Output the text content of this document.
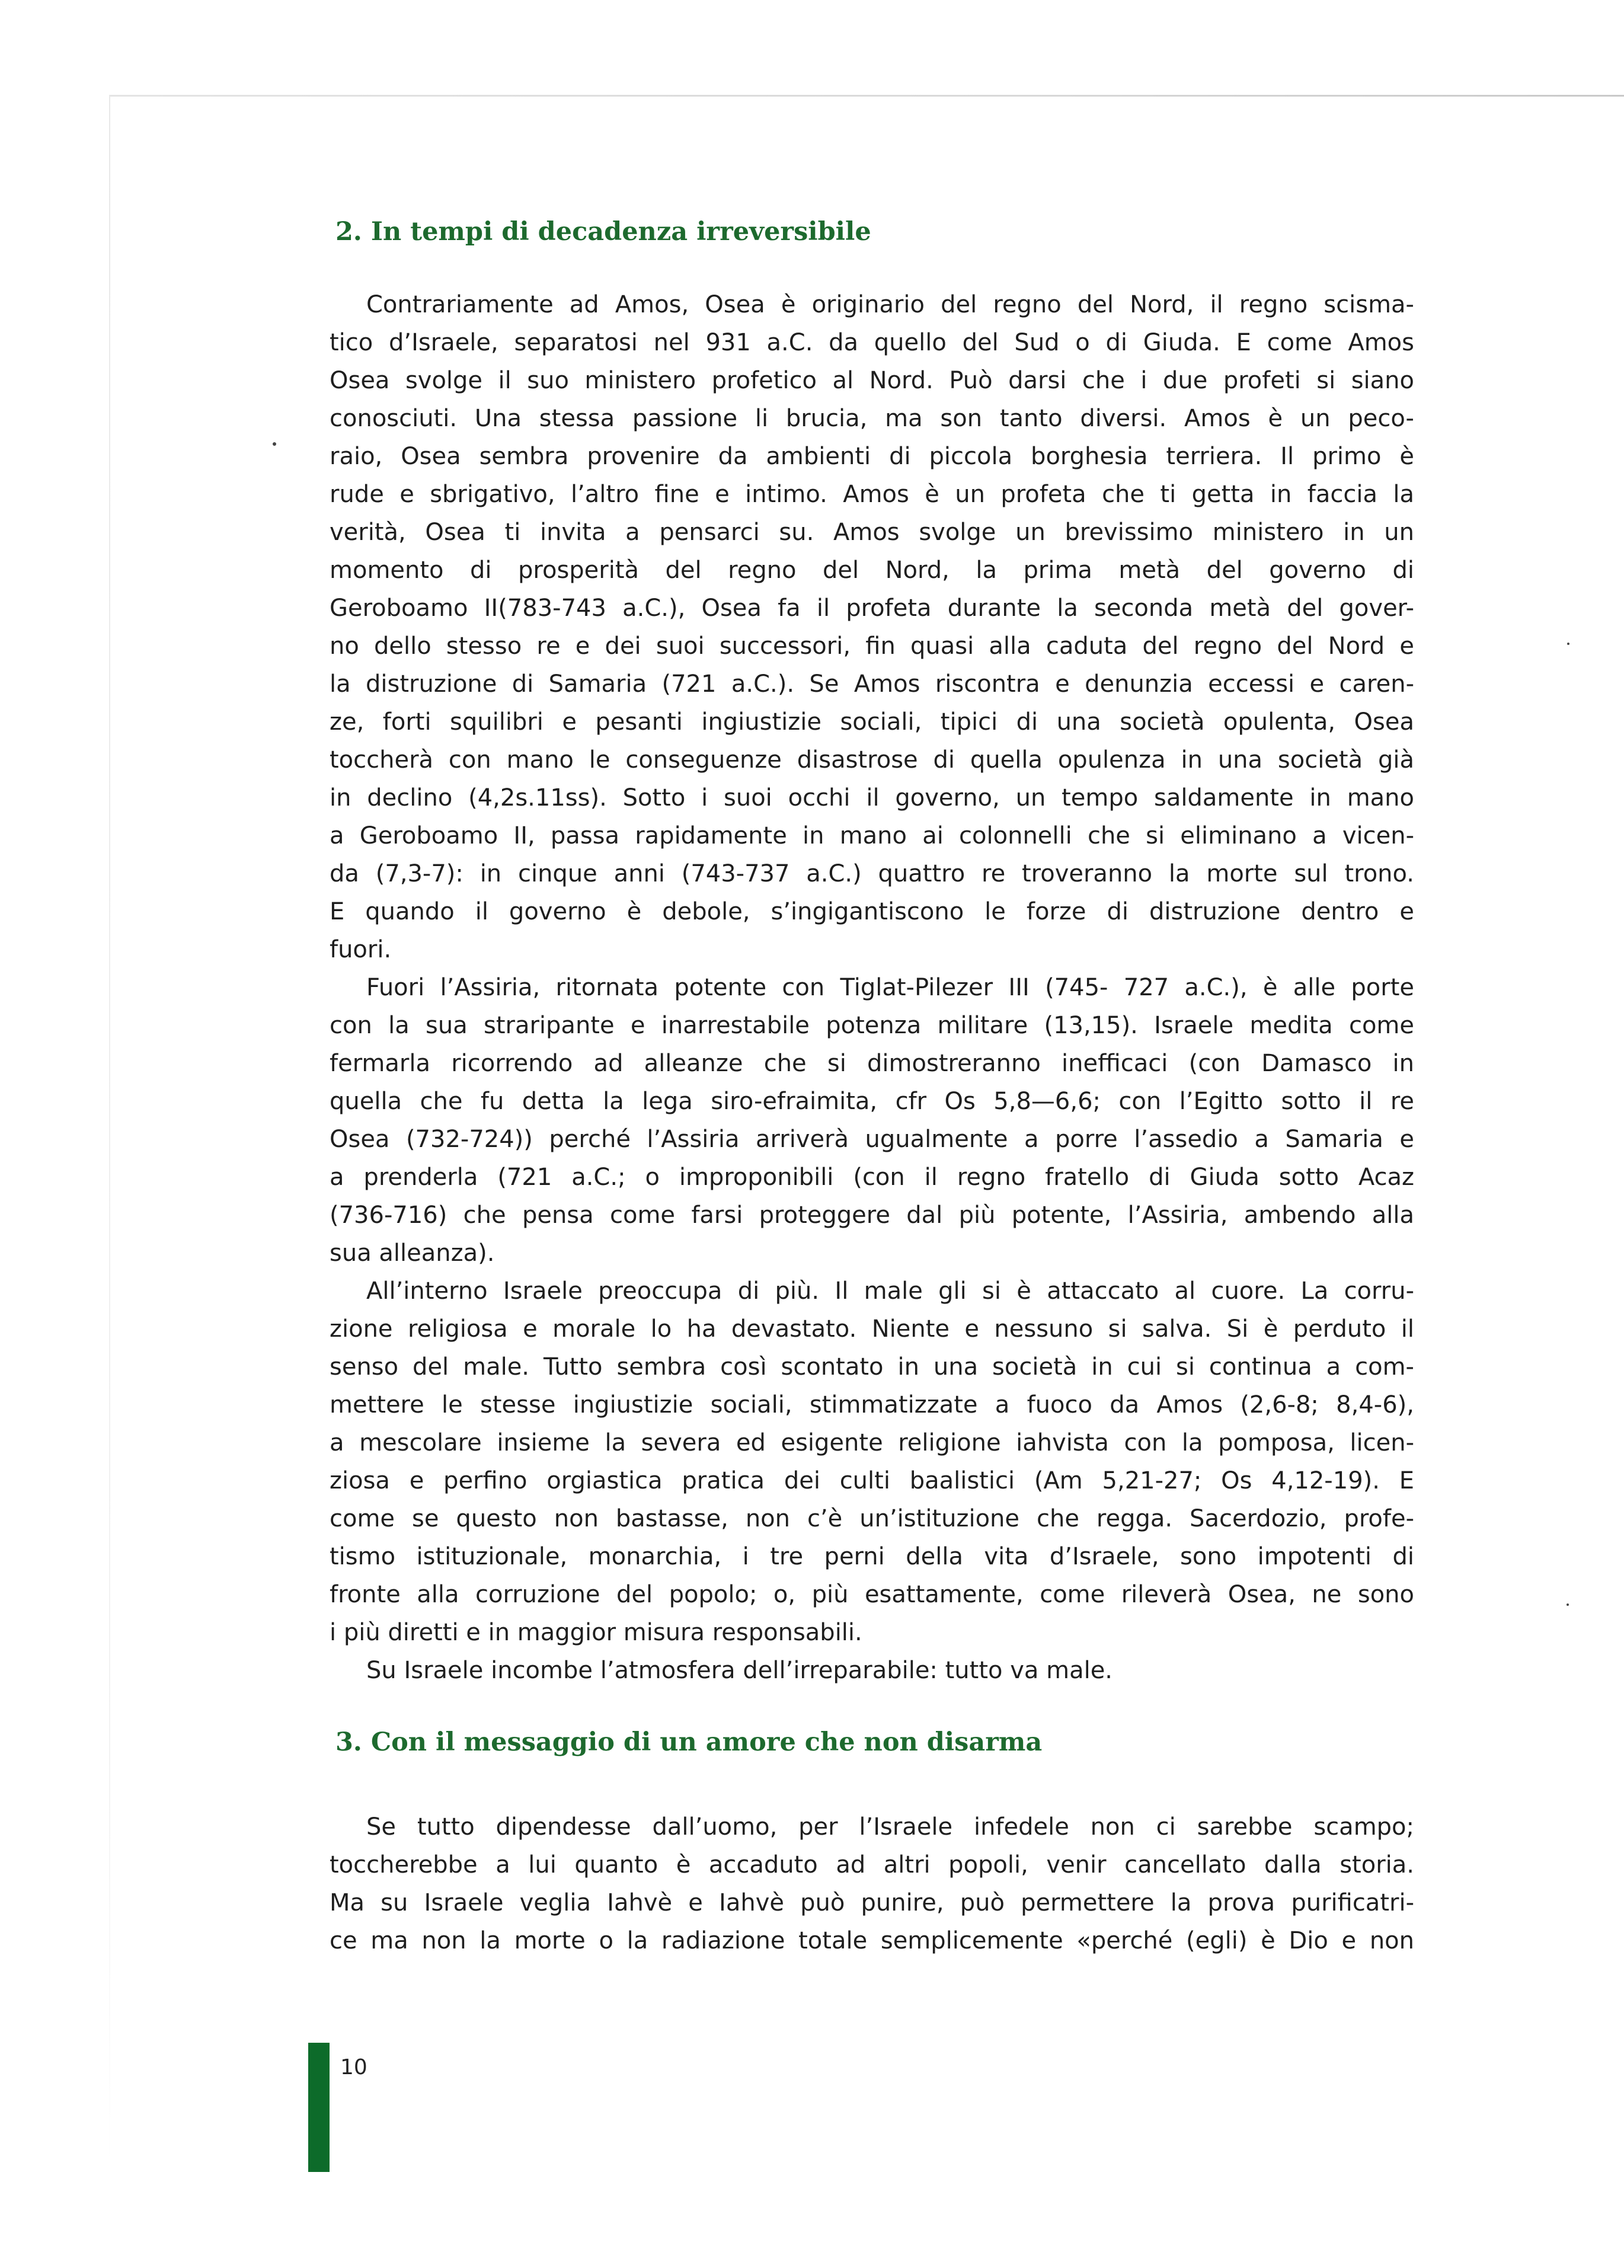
2. In tempi di decadenza irreversibile
Contrariamente ad Amos, Osea è originario del regno del Nord, il regno scisma-
tico d’Israele, separatosi nel 931 a.C. da quello del Sud o di Giuda. E come Amos
Osea svolge il suo ministero profetico al Nord. Può darsi che i due profeti si siano
conosciuti. Una stessa passione li brucia, ma son tanto diversi. Amos è un peco-
raio, Osea sembra provenire da ambienti di piccola borghesia terriera. Il primo è
rude e sbrigativo, l’altro fine e intimo. Amos è un profeta che ti getta in faccia la
verità, Osea ti invita a pensarci su. Amos svolge un brevissimo ministero in un
momento di prosperità del regno del Nord, la prima metà del governo di
Geroboamo II(783-743 a.C.), Osea fa il profeta durante la seconda metà del gover-
no dello stesso re e dei suoi successori, fin quasi alla caduta del regno del Nord e
la distruzione di Samaria (721 a.C.). Se Amos riscontra e denunzia eccessi e caren-
ze, forti squilibri e pesanti ingiustizie sociali, tipici di una società opulenta, Osea
toccherà con mano le conseguenze disastrose di quella opulenza in una società già
in declino (4,2s.11ss). Sotto i suoi occhi il governo, un tempo saldamente in mano
a Geroboamo II, passa rapidamente in mano ai colonnelli che si eliminano a vicen-
da (7,3-7): in cinque anni (743-737 a.C.) quattro re troveranno la morte sul trono.
E quando il governo è debole, s’ingigantiscono le forze di distruzione dentro e
fuori.
Fuori l’Assiria, ritornata potente con Tiglat-Pilezer III (745- 727 a.C.), è alle porte
con la sua straripante e inarrestabile potenza militare (13,15). Israele medita come
fermarla ricorrendo ad alleanze che si dimostreranno inefficaci (con Damasco in
quella che fu detta la lega siro-efraimita, cfr Os 5,8—6,6; con l’Egitto sotto il re
Osea (732-724)) perché l’Assiria arriverà ugualmente a porre l’assedio a Samaria e
a prenderla (721 a.C.; o improponibili (con il regno fratello di Giuda sotto Acaz
(736-716) che pensa come farsi proteggere dal più potente, l’Assiria, ambendo alla
sua alleanza).
All’interno Israele preoccupa di più. Il male gli si è attaccato al cuore. La corru-
zione religiosa e morale lo ha devastato. Niente e nessuno si salva. Si è perduto il
senso del male. Tutto sembra così scontato in una società in cui si continua a com-
mettere le stesse ingiustizie sociali, stimmatizzate a fuoco da Amos (2,6-8; 8,4-6),
a mescolare insieme la severa ed esigente religione iahvista con la pomposa, licen-
ziosa e perfino orgiastica pratica dei culti baalistici (Am 5,21-27; Os 4,12-19). E
come se questo non bastasse, non c’è un’istituzione che regga. Sacerdozio, profe-
tismo istituzionale, monarchia, i tre perni della vita d’Israele, sono impotenti di
fronte alla corruzione del popolo; o, più esattamente, come rileverà Osea, ne sono
i più diretti e in maggior misura responsabili.
Su Israele incombe l’atmosfera dell’irreparabile: tutto va male.
3. Con il messaggio di un amore che non disarma
Se tutto dipendesse dall’uomo, per l’Israele infedele non ci sarebbe scampo;
toccherebbe a lui quanto è accaduto ad altri popoli, venir cancellato dalla storia.
Ma su Israele veglia Iahvè e Iahvè può punire, può permettere la prova purificatri-
ce ma non la morte o la radiazione totale semplicemente «perché (egli) è Dio e non
10
